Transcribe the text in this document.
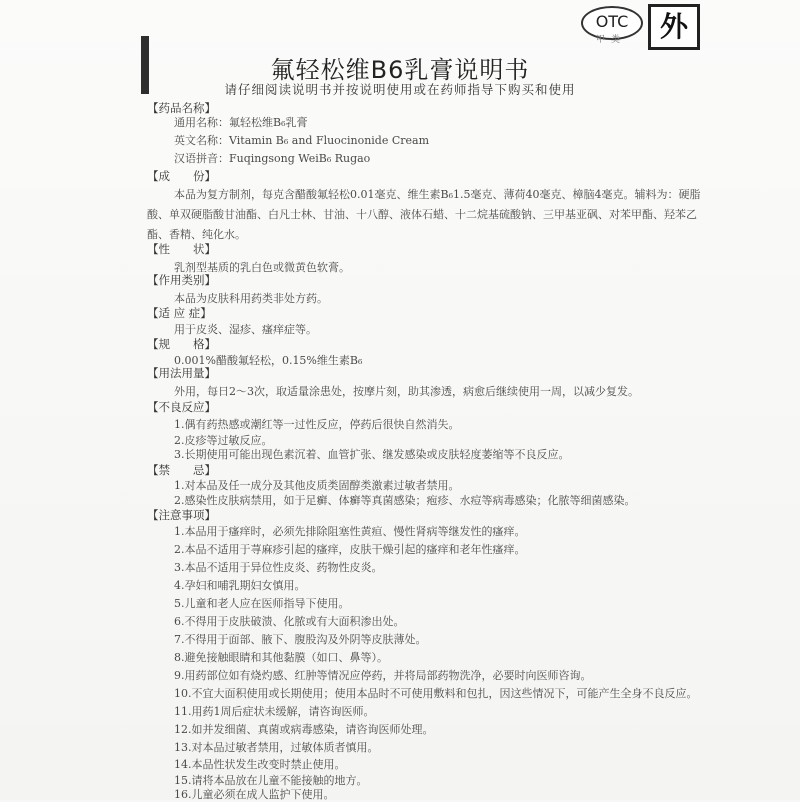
OTC
甲类	外
氟轻松维B6乳膏说明书
请仔细阅读说明书并按说明使用或在药师指导下购买和使用
【药品名称】
通用名称：氟轻松维B₆乳膏
英文名称：Vitamin B₆ and Fluocinonide Cream
汉语拼音：Fuqingsong WeiB₆ Rugao
【成　　份】
本品为复方制剂，每克含醋酸氟轻松0.01毫克、维生素B₆1.5毫克、薄荷40毫克、樟脑4毫克。辅料为：硬脂
酸、单双硬脂酸甘油酯、白凡士林、甘油、十八醇、液体石蜡、十二烷基硫酸钠、三甲基亚砜、对苯甲酯、羟苯乙
酯、香精、纯化水。
【性　　状】
乳剂型基质的乳白色或微黄色软膏。
【作用类别】
本品为皮肤科用药类非处方药。
【适 应 症】
用于皮炎、湿疹、瘙痒症等。
【规　　格】
0.001%醋酸氟轻松，0.15%维生素B₆
【用法用量】
外用，每日2～3次，取适量涂患处，按摩片刻，助其渗透，病愈后继续使用一周，以减少复发。
【不良反应】
1.偶有药热感或潮红等一过性反应，停药后很快自然消失。
2.皮疹等过敏反应。
3.长期使用可能出现色素沉着、血管扩张、继发感染或皮肤轻度萎缩等不良反应。
【禁　　忌】
1.对本品及任一成分及其他皮质类固醇类激素过敏者禁用。
2.感染性皮肤病禁用，如于足癣、体癣等真菌感染；疱疹、水痘等病毒感染；化脓等细菌感染。
【注意事项】
1.本品用于瘙痒时，必须先排除阻塞性黄疸、慢性肾病等继发性的瘙痒。
2.本品不适用于荨麻疹引起的瘙痒，皮肤干燥引起的瘙痒和老年性瘙痒。
3.本品不适用于异位性皮炎、药物性皮炎。
4.孕妇和哺乳期妇女慎用。
5.儿童和老人应在医师指导下使用。
6.不得用于皮肤破溃、化脓或有大面积渗出处。
7.不得用于面部、腋下、腹股沟及外阴等皮肤薄处。
8.避免接触眼睛和其他黏膜（如口、鼻等）。
9.用药部位如有烧灼感、红肿等情况应停药，并将局部药物洗净，必要时向医师咨询。
10.不宜大面积使用或长期使用；使用本品时不可使用敷料和包扎，因这些情况下，可能产生全身不良反应。
11.用药1周后症状未缓解，请咨询医师。
12.如并发细菌、真菌或病毒感染，请咨询医师处理。
13.对本品过敏者禁用，过敏体质者慎用。
14.本品性状发生改变时禁止使用。
15.请将本品放在儿童不能接触的地方。
16.儿童必须在成人监护下使用。
